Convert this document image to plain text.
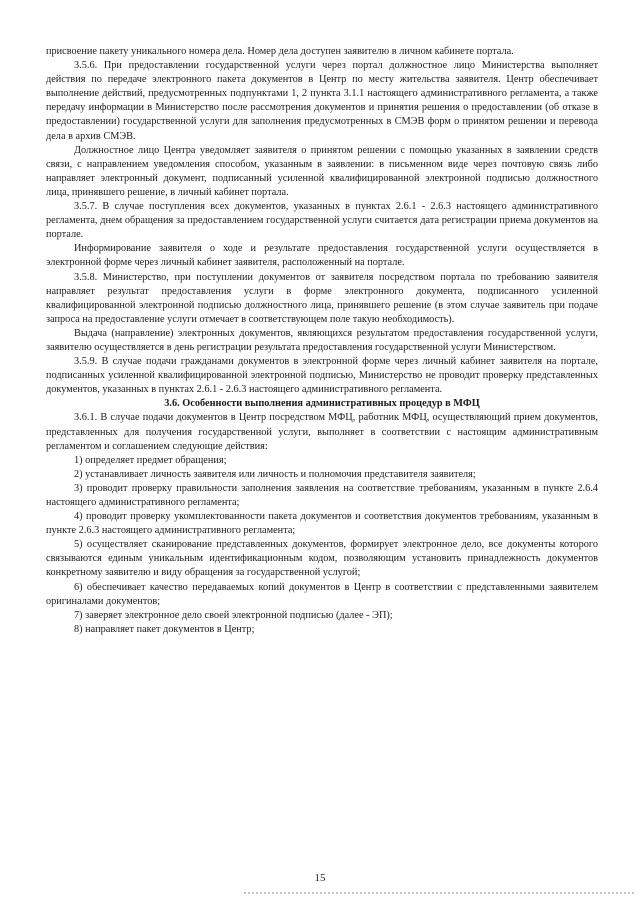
присвоение пакету уникального номера дела. Номер дела доступен заявителю в личном кабинете портала.

3.5.6. При предоставлении государственной услуги через портал должностное лицо Министерства выполняет действия по передаче электронного пакета документов в Центр по месту жительства заявителя. Центр обеспечивает выполнение действий, предусмотренных подпунктами 1, 2 пункта 3.1.1 настоящего административного регламента, а также передачу информации в Министерство после рассмотрения документов и принятия решения о предоставлении (об отказе в предоставлении) государственной услуги для заполнения предусмотренных в СМЭВ форм о принятом решении и перевода дела в архив СМЭВ.

Должностное лицо Центра уведомляет заявителя о принятом решении с помощью указанных в заявлении средств связи, с направлением уведомления способом, указанным в заявлении: в письменном виде через почтовую связь либо направляет электронный документ, подписанный усиленной квалифицированной электронной подписью должностного лица, принявшего решение, в личный кабинет портала.

3.5.7. В случае поступления всех документов, указанных в пунктах 2.6.1 - 2.6.3 настоящего административного регламента, днем обращения за предоставлением государственной услуги считается дата регистрации приема документов на портале.

Информирование заявителя о ходе и результате предоставления государственной услуги осуществляется в электронной форме через личный кабинет заявителя, расположенный на портале.

3.5.8. Министерство, при поступлении документов от заявителя посредством портала по требованию заявителя направляет результат предоставления услуги в форме электронного документа, подписанного усиленной квалифицированной электронной подписью должностного лица, принявшего решение (в этом случае заявитель при подаче запроса на предоставление услуги отмечает в соответствующем поле такую необходимость).

Выдача (направление) электронных документов, являющихся результатом предоставления государственной услуги, заявителю осуществляется в день регистрации результата предоставления государственной услуги Министерством.

3.5.9. В случае подачи гражданами документов в электронной форме через личный кабинет заявителя на портале, подписанных усиленной квалифицированной электронной подписью, Министерство не проводит проверку представленных документов, указанных в пунктах 2.6.1 - 2.6.3 настоящего административного регламента.

3.6. Особенности выполнения административных процедур в МФЦ

3.6.1. В случае подачи документов в Центр посредством МФЦ, работник МФЦ, осуществляющий прием документов, представленных для получения государственной услуги, выполняет в соответствии с настоящим административным регламентом и соглашением следующие действия:

1) определяет предмет обращения;

2) устанавливает личность заявителя или личность и полномочия представителя заявителя;

3) проводит проверку правильности заполнения заявления на соответствие требованиям, указанным в пункте 2.6.4 настоящего административного регламента;

4) проводит проверку укомплектованности пакета документов и соответствия документов требованиям, указанным в пункте 2.6.3 настоящего административного регламента;

5) осуществляет сканирование представленных документов, формирует электронное дело, все документы которого связываются единым уникальным идентификационным кодом, позволяющим установить принадлежность документов конкретному заявителю и виду обращения за государственной услугой;

6) обеспечивает качество передаваемых копий документов в Центр в соответствии с представленными заявителем оригиналами документов;

7) заверяет электронное дело своей электронной подписью (далее - ЭП);

8) направляет пакет документов в Центр;

15
